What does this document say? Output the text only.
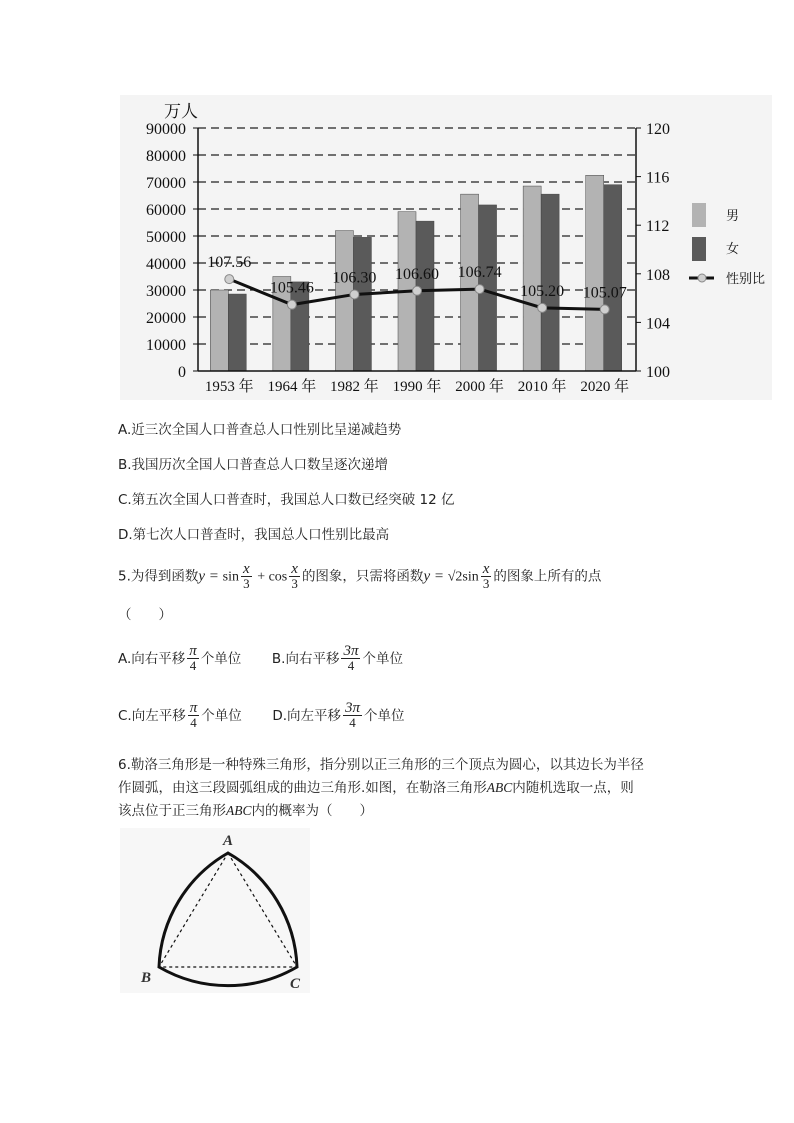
0
10000
20000
30000
40000
50000
60000
70000
80000
90000
万人
100
104
108
112
116
120
1953 年 1964 年 1982 年 1990 年 2000 年 2010 年 2020 年
107.56
105.46
106.30 106.60 106.74
105.20 105.07
男
女
性别比
A.近三次全国人口普查总人口性别比呈递减趋势
B.我国历次全国人口普查总人口数呈逐次递增
C.第五次全国人口普查时，我国总人口数已经突破 12 亿
D.第七次人口普查时，我国总人口性别比最高
5.为得到函数$y = \sin \frac{x}{3} + \cos \frac{x}{3}$ 的图象，只需将函数$y = √2\sin \frac{x}{3}$ 的图象上所有的点
（　　）
A.向右平移 $\frac{\pi}{4}$ 个单位 B.向右平移 $\frac{3\pi}{4}$ 个单位
C.向左平移 $\frac{\pi}{4}$ 个单位 D.向左平移 $\frac{3\pi}{4}$ 个单位
6.勒洛三角形是一种特殊三角形，指分别以正三角形的三个顶点为圆心，以其边长为半径
作圆弧，由这三段圆弧组成的曲边三角形.如图，在勒洛三角形ABC内随机选取一点，则
该点位于正三角形ABC内的概率为（　　）
A
B	C
